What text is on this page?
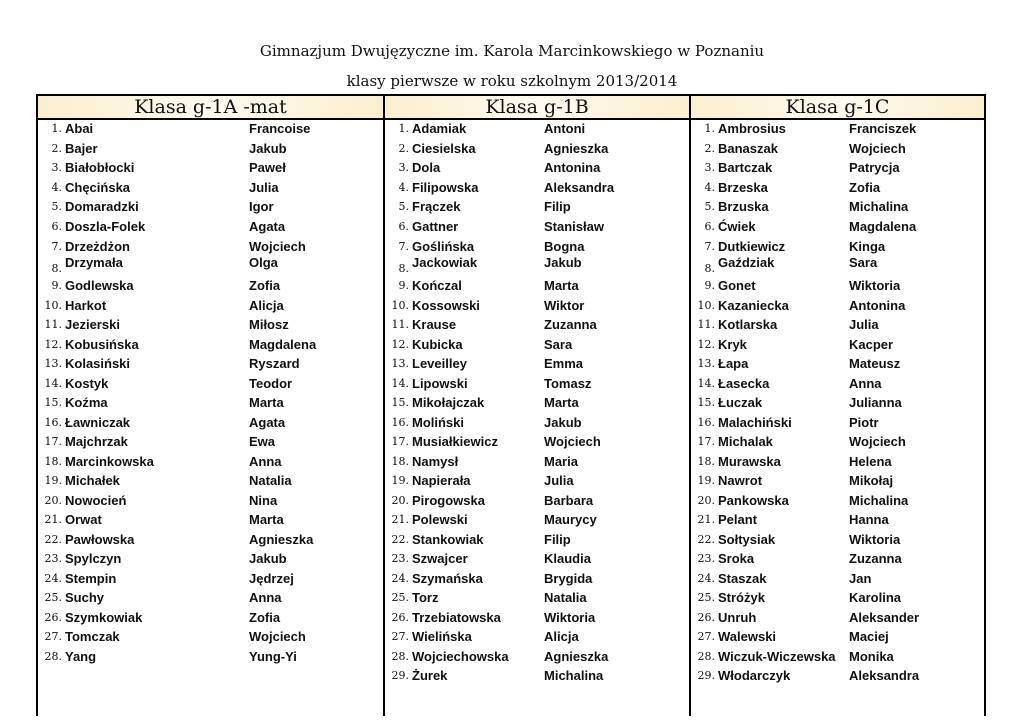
Gimnazjum Dwujęzyczne im. Karola Marcinkowskiego w Poznaniu
klasy pierwsze w roku szkolnym 2013/2014
Klasa g-1A -mat
1. Abai	Francoise
2. Bajer	Jakub
3. Białobłocki	Paweł
4. Chęcińska	Julia
5. Domaradzki	Igor
6. Doszla-Folek	Agata
7. Drzeżdżon	Wojciech
8. Drzymała	Olga
9. Godlewska	Zofia
10. Harkot	Alicja
11. Jezierski	Miłosz
12. Kobusińska	Magdalena
13. Kolasiński	Ryszard
14. Kostyk	Teodor
15. Koźma	Marta
16. Ławniczak	Agata
17. Majchrzak	Ewa
18. Marcinkowska	Anna
19. Michałek	Natalia
20. Nowocień	Nina
21. Orwat	Marta
22. Pawłowska	Agnieszka
23. Spylczyn	Jakub
24. Stempin	Jędrzej
25. Suchy	Anna
26. Szymkowiak	Zofia
27. Tomczak	Wojciech
28. Yang	Yung-Yi
Klasa g-1B
1. Adamiak	Antoni
2. Ciesielska	Agnieszka
3. Dola	Antonina
4. Filipowska	Aleksandra
5. Frączek	Filip
6. Gattner	Stanisław
7. Goślińska	Bogna
8. Jackowiak	Jakub
9. Kończal	Marta
10. Kossowski	Wiktor
11. Krause	Zuzanna
12. Kubicka	Sara
13. Leveilley	Emma
14. Lipowski	Tomasz
15. Mikołajczak	Marta
16. Moliński	Jakub
17. Musiałkiewicz	Wojciech
18. Namysł	Maria
19. Napierała	Julia
20. Pirogowska	Barbara
21. Polewski	Maurycy
22. Stankowiak	Filip
23. Szwajcer	Klaudia
24. Szymańska	Brygida
25. Torz	Natalia
26. Trzebiatowska	Wiktoria
27. Wielińska	Alicja
28. Wojciechowska	Agnieszka
29. Żurek	Michalina
Klasa g-1C
1. Ambrosius	Franciszek
2. Banaszak	Wojciech
3. Bartczak	Patrycja
4. Brzeska	Zofia
5. Brzuska	Michalina
6. Ćwiek	Magdalena
7. Dutkiewicz	Kinga
8. Gaździak	Sara
9. Gonet	Wiktoria
10. Kazaniecka	Antonina
11. Kotlarska	Julia
12. Kryk	Kacper
13. Łapa	Mateusz
14. Łasecka	Anna
15. Łuczak	Julianna
16. Malachiński	Piotr
17. Michalak	Wojciech
18. Murawska	Helena
19. Nawrot	Mikołaj
20. Pankowska	Michalina
21. Pelant	Hanna
22. Sołtysiak	Wiktoria
23. Sroka	Zuzanna
24. Staszak	Jan
25. Stróżyk	Karolina
26. Unruh	Aleksander
27. Walewski	Maciej
28. Wiczuk-Wiczewska Monika
29. Włodarczyk	Aleksandra
